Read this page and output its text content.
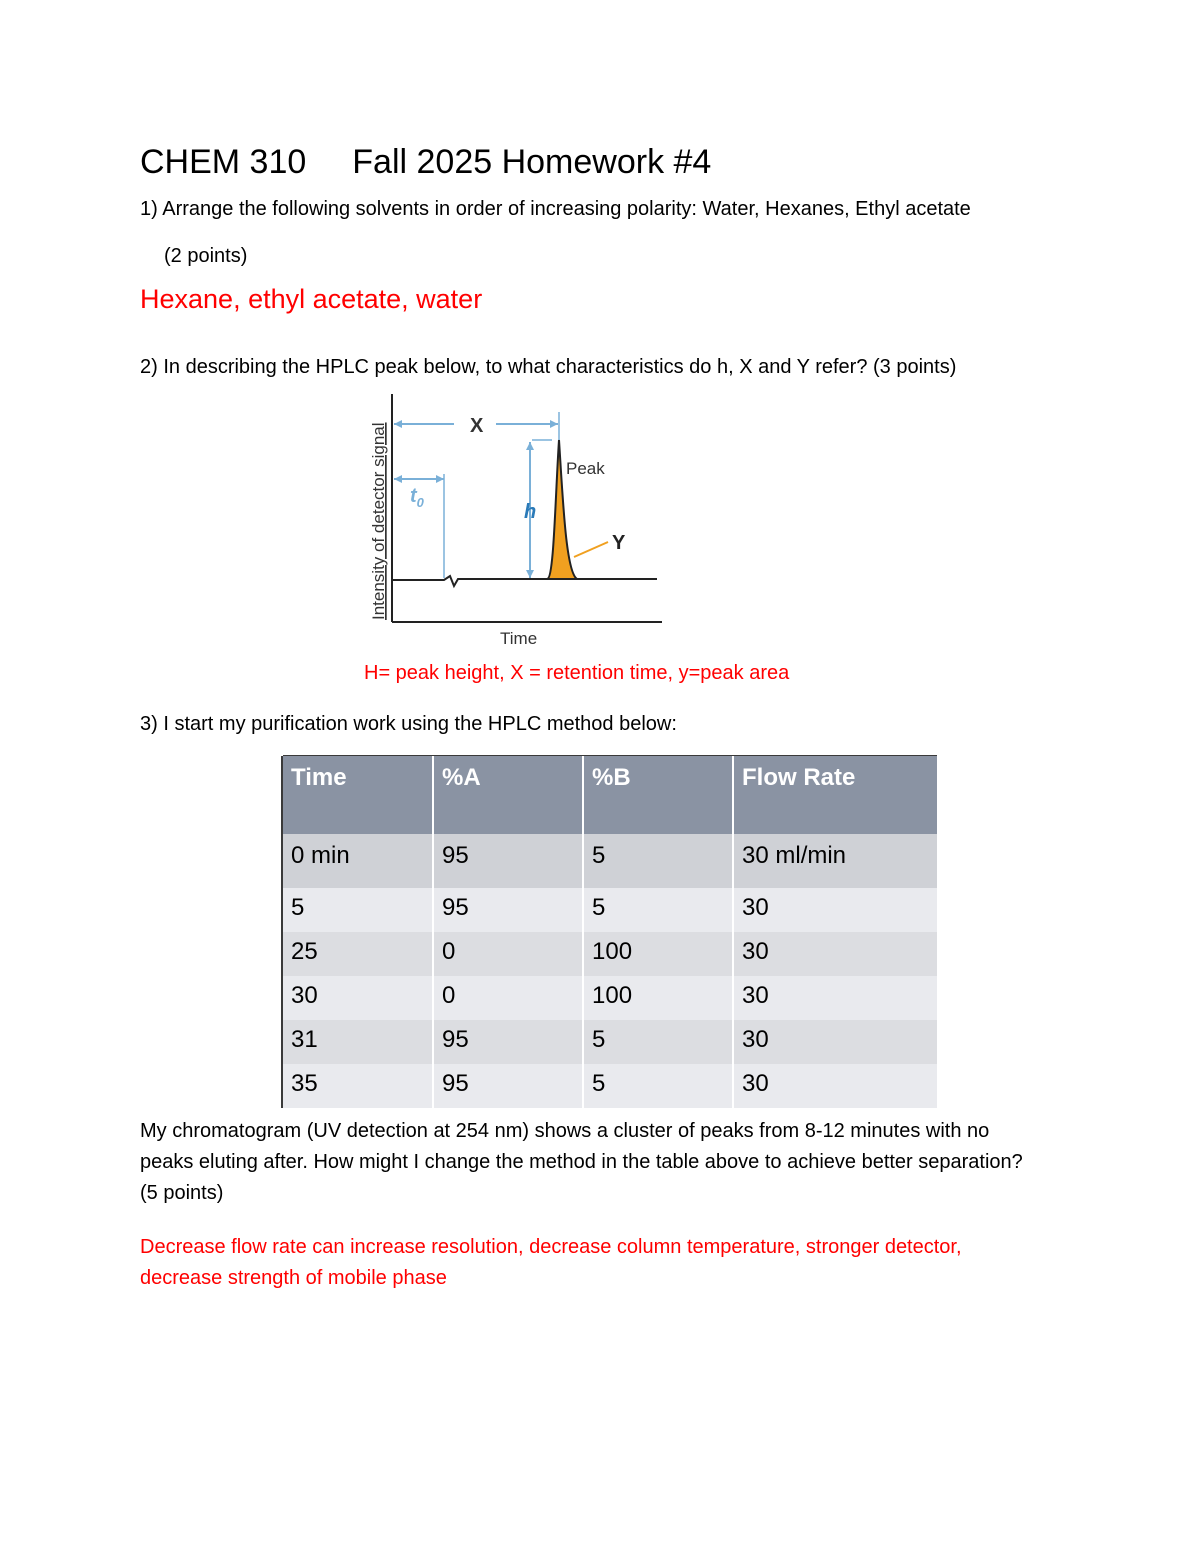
CHEM 310 Fall 2025 Homework #4
1) Arrange the following solvents in order of increasing polarity: Water, Hexanes, Ethyl acetate
(2 points)
Hexane, ethyl acetate, water
2) In describing the HPLC peak below, to what characteristics do h, X and Y refer? (3 points)
Intensity of detector signal
Time
X
$t_0$	h
Peak
Y
H= peak height, X = retention time, y=peak area
3) I start my purification work using the HPLC method below:
Time	%A	%B	Flow Rate
0 min	95	5	30 ml/min
5	95	5	30
25	0	100	30
30	0	100	30
31	95	5	30
35	95	5	30
My chromatogram (UV detection at 254 nm) shows a cluster of peaks from 8-12 minutes with no peaks eluting after. How might I change the method in the table above to achieve better separation? (5 points)
Decrease flow rate can increase resolution, decrease column temperature, stronger detector, decrease strength of mobile phase
